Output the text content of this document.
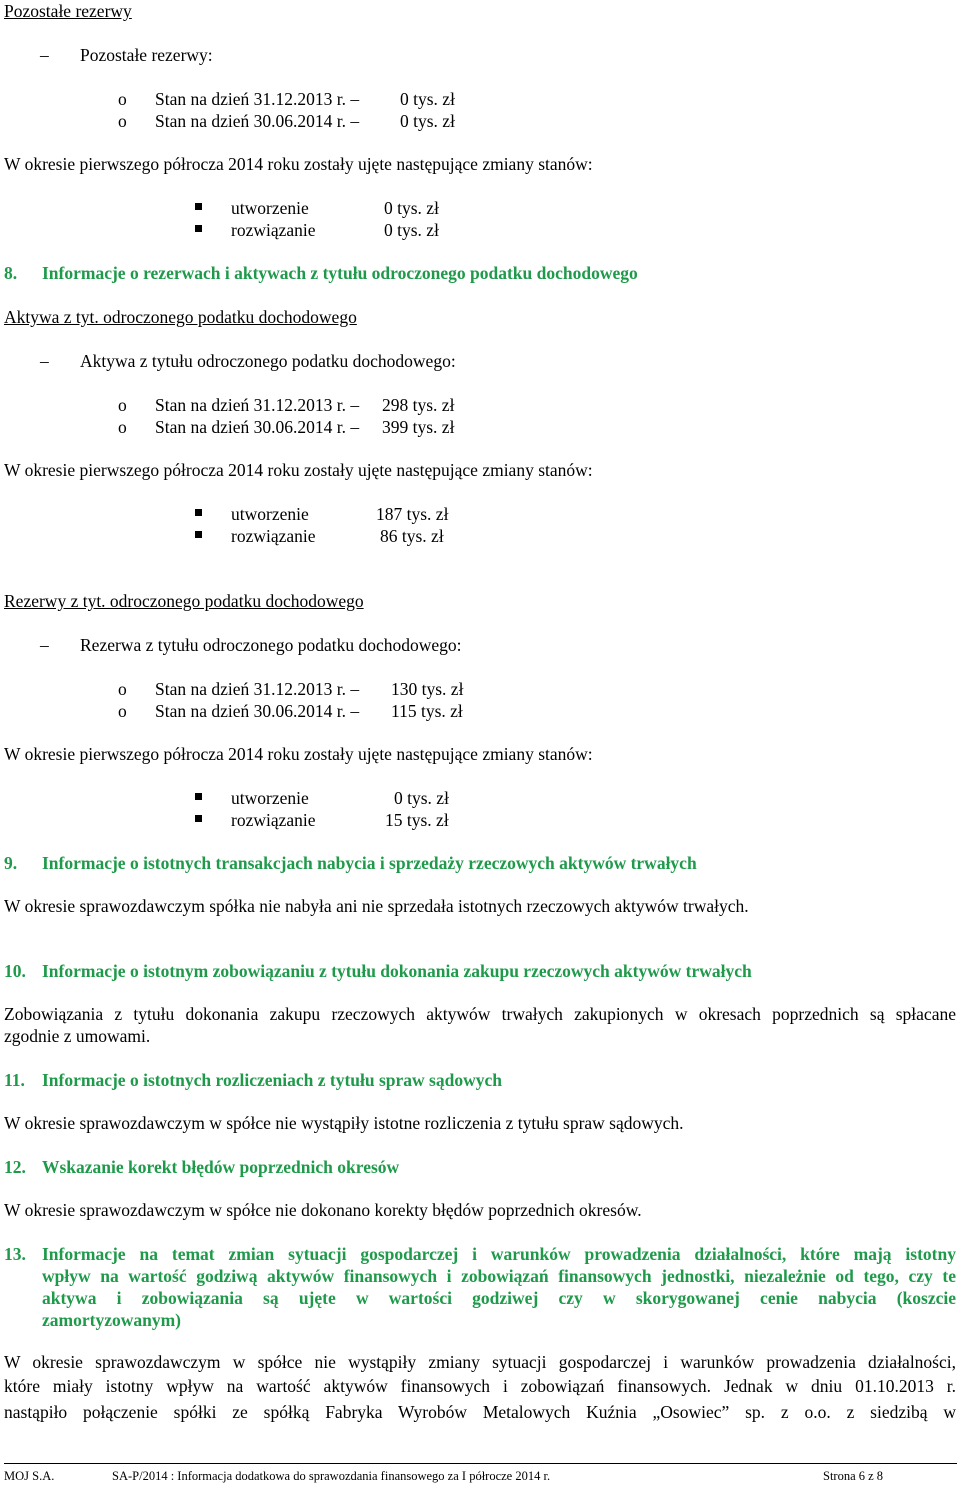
Pozostałe rezerwy
– Pozostałe rezerwy:
o Stan na dzień 31.12.2013 r. – 0 tys. zł
o Stan na dzień 30.06.2014 r. – 0 tys. zł
W okresie pierwszego półrocza 2014 roku zostały ujęte następujące zmiany stanów:
utworzenie	0 tys. zł
rozwiązanie	0 tys. zł
8. Informacje o rezerwach i aktywach z tytułu odroczonego podatku dochodowego
Aktywa z tyt. odroczonego podatku dochodowego
– Aktywa z tytułu odroczonego podatku dochodowego:
o Stan na dzień 31.12.2013 r. – 298 tys. zł
o Stan na dzień 30.06.2014 r. – 399 tys. zł
W okresie pierwszego półrocza 2014 roku zostały ujęte następujące zmiany stanów:
utworzenie	187 tys. zł
rozwiązanie	86 tys. zł
Rezerwy z tyt. odroczonego podatku dochodowego
– Rezerwa z tytułu odroczonego podatku dochodowego:
o Stan na dzień 31.12.2013 r. – 130 tys. zł
o Stan na dzień 30.06.2014 r. – 115 tys. zł
W okresie pierwszego półrocza 2014 roku zostały ujęte następujące zmiany stanów:
utworzenie	0 tys. zł
rozwiązanie	15 tys. zł
9. Informacje o istotnych transakcjach nabycia i sprzedaży rzeczowych aktywów trwałych
W okresie sprawozdawczym spółka nie nabyła ani nie sprzedała istotnych rzeczowych aktywów trwałych.
10. Informacje o istotnym zobowiązaniu z tytułu dokonania zakupu rzeczowych aktywów trwałych
Zobowiązania z tytułu dokonania zakupu rzeczowych aktywów trwałych zakupionych w okresach poprzednich są spłacane
zgodnie z umowami.
11. Informacje o istotnych rozliczeniach z tytułu spraw sądowych
W okresie sprawozdawczym w spółce nie wystąpiły istotne rozliczenia z tytułu spraw sądowych.
12. Wskazanie korekt błędów poprzednich okresów
W okresie sprawozdawczym w spółce nie dokonano korekty błędów poprzednich okresów.
13. Informacje na temat zmian sytuacji gospodarczej i warunków prowadzenia działalności, które mają istotny
wpływ na wartość godziwą aktywów finansowych i zobowiązań finansowych jednostki, niezależnie od tego, czy te
aktywa i zobowiązania są ujęte w wartości godziwej czy w skorygowanej cenie nabycia (koszcie
zamortyzowanym)
W okresie sprawozdawczym w spółce nie wystąpiły zmiany sytuacji gospodarczej i warunków prowadzenia działalności,
które miały istotny wpływ na wartość aktywów finansowych i zobowiązań finansowych. Jednak w dniu 01.10.2013 r.
nastąpiło połączenie spółki ze spółką Fabryka Wyrobów Metalowych Kuźnia „Osowiec” sp. z o.o. z siedzibą w
MOJ S.A.	SA-P/2014 : Informacja dodatkowa do sprawozdania finansowego za I półrocze 2014 r.	Strona 6 z 8
